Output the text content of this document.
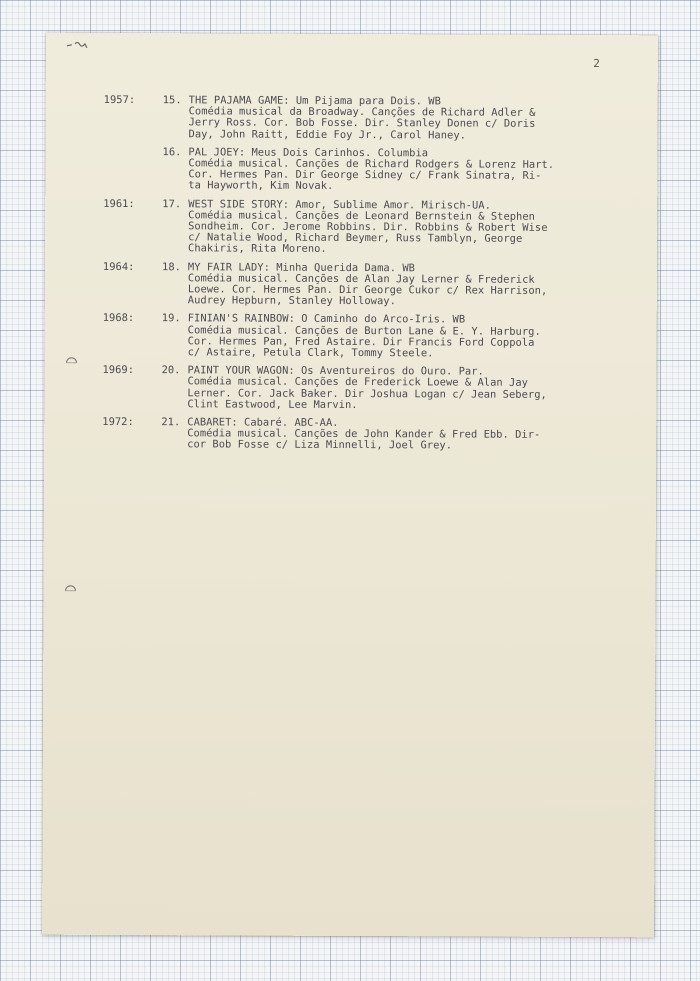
2
1957:	15. THE PAJAMA GAME: Um Pijama para Dois. WB
Comédia musical da Broadway. Canções de Richard Adler &
Jerry Ross. Cor. Bob Fosse. Dir. Stanley Donen c/ Doris
Day, John Raitt, Eddie Foy Jr., Carol Haney.
16. PAL JOEY: Meus Dois Carinhos. Columbia
Comédia musical. Canções de Richard Rodgers & Lorenz Hart.
Cor. Hermes Pan. Dir George Sidney c/ Frank Sinatra, Ri-
ta Hayworth, Kim Novak.
1961:	17. WEST SIDE STORY: Amor, Sublime Amor. Mirisch-UA.
Comédia musical. Canções de Leonard Bernstein & Stephen
Sondheim. Cor. Jerome Robbins. Dir. Robbins & Robert Wise
c/ Natalie Wood, Richard Beymer, Russ Tamblyn, George
Chakiris, Rita Moreno.
1964:	18. MY FAIR LADY: Minha Querida Dama. WB
Comédia musical. Canções de Alan Jay Lerner & Frederick
Loewe. Cor. Hermes Pan. Dir George Cukor c/ Rex Harrison,
Audrey Hepburn, Stanley Holloway.
1968:	19. FINIAN'S RAINBOW: O Caminho do Arco-Iris. WB
Comédia musical. Canções de Burton Lane & E. Y. Harburg.
Cor. Hermes Pan, Fred Astaire. Dir Francis Ford Coppola
c/ Astaire, Petula Clark, Tommy Steele.
1969:	20. PAINT YOUR WAGON: Os Aventureiros do Ouro. Par.
Comédia musical. Canções de Frederick Loewe & Alan Jay
Lerner. Cor. Jack Baker. Dir Joshua Logan c/ Jean Seberg,
Clint Eastwood, Lee Marvin.
1972:	21. CABARET: Cabaré. ABC-AA.
Comédia musical. Canções de John Kander & Fred Ebb. Dir-
cor Bob Fosse c/ Liza Minnelli, Joel Grey.
